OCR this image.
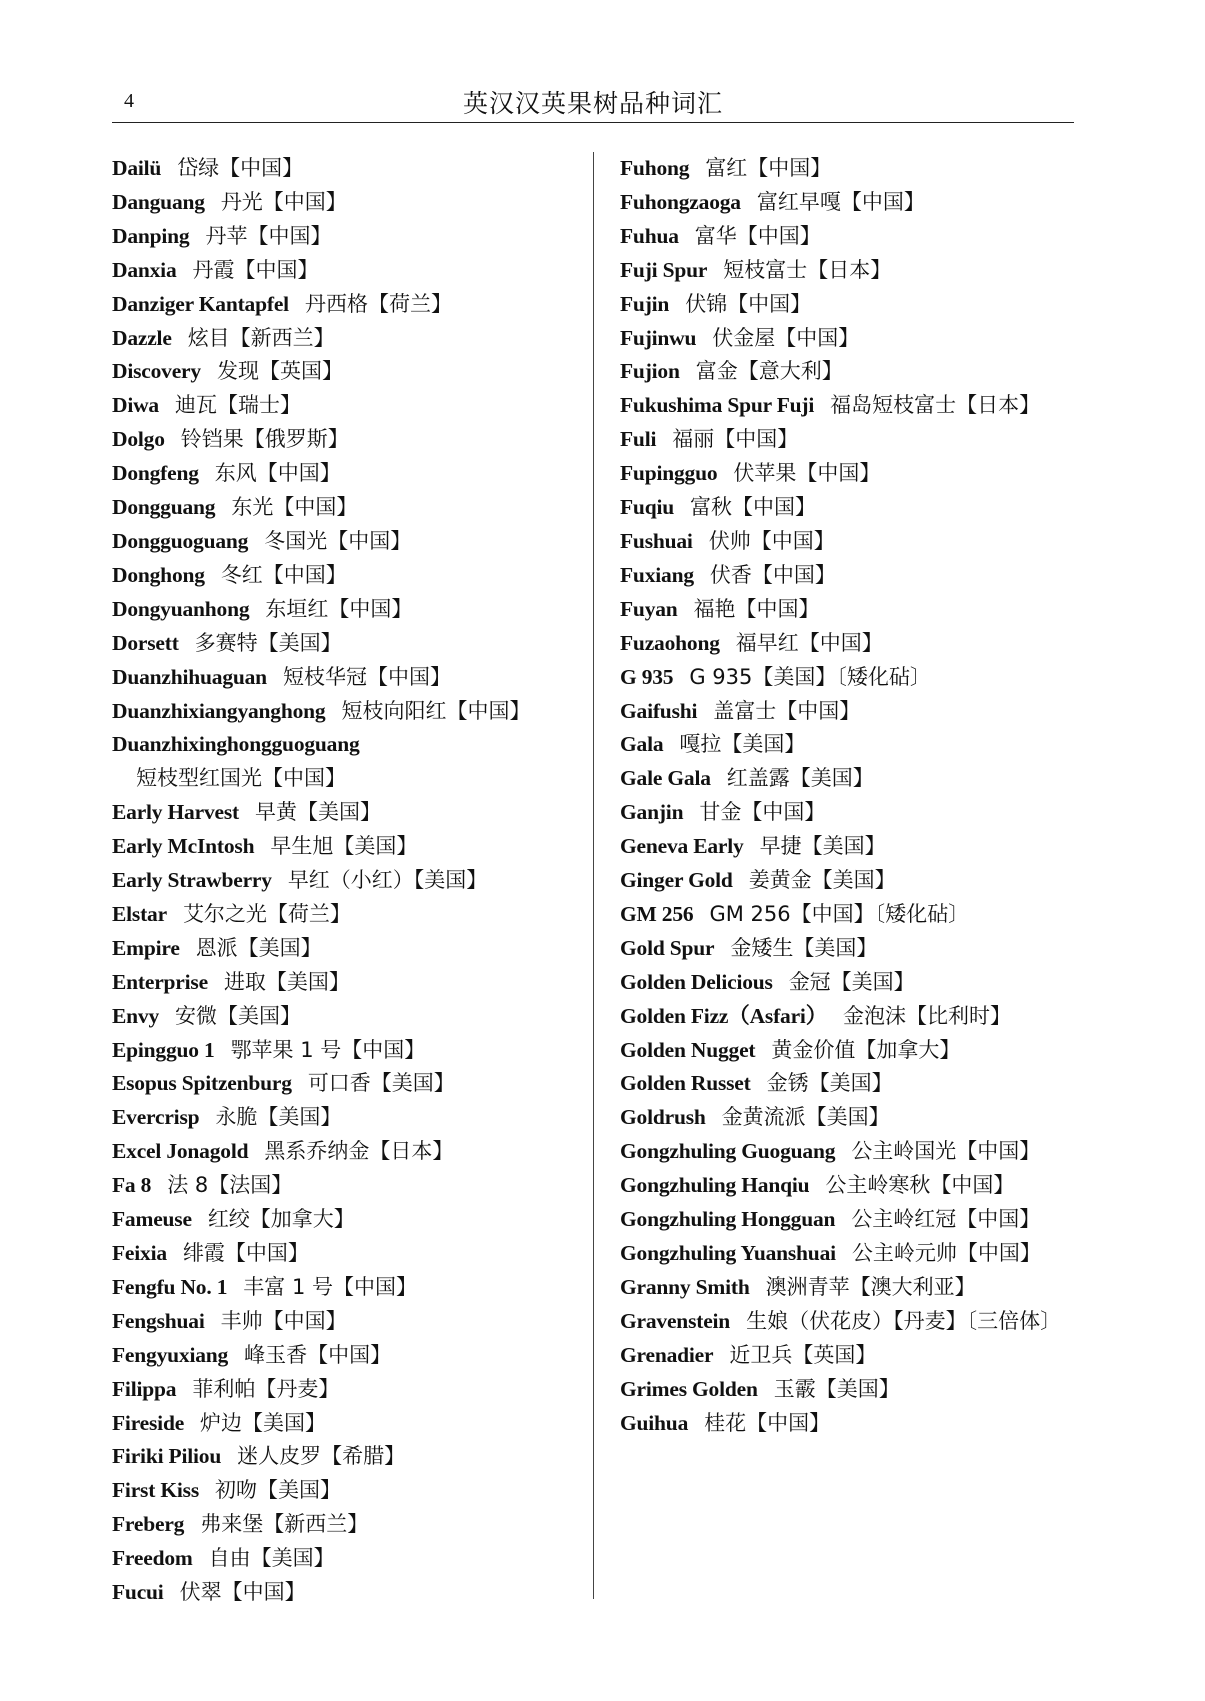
4	英汉汉英果树品种词汇
Dailü 岱绿【中国】
Danguang 丹光【中国】
Danping 丹苹【中国】
Danxia 丹霞【中国】
Danziger Kantapfel 丹西格【荷兰】
Dazzle 炫目【新西兰】
Discovery 发现【英国】
Diwa 迪瓦【瑞士】
Dolgo 铃铛果【俄罗斯】
Dongfeng 东风【中国】
Dongguang 东光【中国】
Dongguoguang 冬国光【中国】
Donghong 冬红【中国】
Dongyuanhong 东垣红【中国】
Dorsett 多赛特【美国】
Duanzhihuaguan 短枝华冠【中国】
Duanzhixiangyanghong 短枝向阳红【中国】
Duanzhixinghongguoguang短枝型红国光【中国】
Early Harvest 早黄【美国】
Early McIntosh 早生旭【美国】
Early Strawberry 早红（小红）【美国】
Elstar 艾尔之光【荷兰】
Empire 恩派【美国】
Enterprise 进取【美国】
Envy 安微【美国】
Epingguo 1 鄂苹果 1 号【中国】
Esopus Spitzenburg 可口香【美国】
Evercrisp 永脆【美国】
Excel Jonagold 黑系乔纳金【日本】
Fa 8 法 8【法国】
Fameuse 红绞【加拿大】
Feixia 绯霞【中国】
Fengfu No. 1 丰富 1 号【中国】
Fengshuai 丰帅【中国】
Fengyuxiang 峰玉香【中国】
Filippa 菲利帕【丹麦】
Fireside 炉边【美国】
Firiki Piliou 迷人皮罗【希腊】
First Kiss 初吻【美国】
Freberg 弗来堡【新西兰】
Freedom 自由【美国】
Fucui 伏翠【中国】
Fuhong 富红【中国】
Fuhongzaoga 富红早嘎【中国】
Fuhua 富华【中国】
Fuji Spur 短枝富士【日本】
Fujin 伏锦【中国】
Fujinwu 伏金屋【中国】
Fujion 富金【意大利】
Fukushima Spur Fuji 福岛短枝富士【日本】
Fuli 福丽【中国】
Fupingguo 伏苹果【中国】
Fuqiu 富秋【中国】
Fushuai 伏帅【中国】
Fuxiang 伏香【中国】
Fuyan 福艳【中国】
Fuzaohong 福早红【中国】
G 935 G 935【美国】〔矮化砧〕
Gaifushi 盖富士【中国】
Gala 嘎拉【美国】
Gale Gala 红盖露【美国】
Ganjin 甘金【中国】
Geneva Early 早捷【美国】
Ginger Gold 姜黄金【美国】
GM 256 GM 256【中国】〔矮化砧〕
Gold Spur 金矮生【美国】
Golden Delicious 金冠【美国】
Golden Fizz（Asfari） 金泡沫【比利时】
Golden Nugget 黄金价值【加拿大】
Golden Russet 金锈【美国】
Goldrush 金黄流派【美国】
Gongzhuling Guoguang 公主岭国光【中国】
Gongzhuling Hanqiu 公主岭寒秋【中国】
Gongzhuling Hongguan 公主岭红冠【中国】
Gongzhuling Yuanshuai 公主岭元帅【中国】
Granny Smith 澳洲青苹【澳大利亚】
Gravenstein 生娘（伏花皮）【丹麦】〔三倍体〕
Grenadier 近卫兵【英国】
Grimes Golden 玉霰【美国】
Guihua 桂花【中国】
